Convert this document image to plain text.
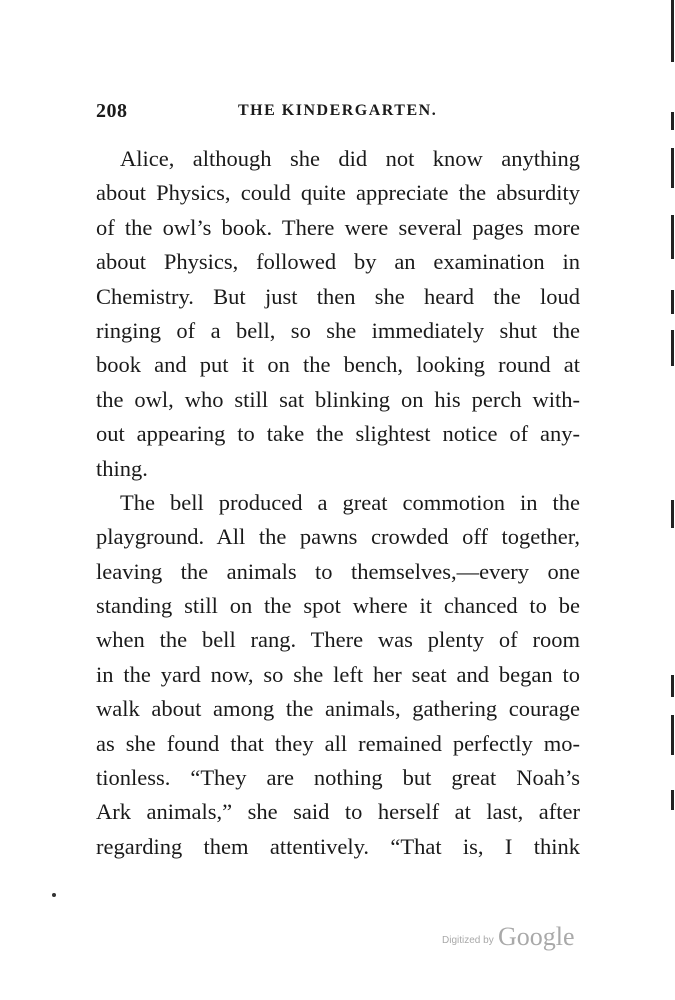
208	THE KINDERGARTEN.
Alice, although she did not know anything
about Physics, could quite appreciate the absurdity
of the owl’s book. There were several pages more
about Physics, followed by an examination in
Chemistry. But just then she heard the loud
ringing of a bell, so she immediately shut the
book and put it on the bench, looking round at
the owl, who still sat blinking on his perch with-
out appearing to take the slightest notice of any-
thing.
The bell produced a great commotion in the
playground. All the pawns crowded off together,
leaving the animals to themselves,—every one
standing still on the spot where it chanced to be
when the bell rang. There was plenty of room
in the yard now, so she left her seat and began to
walk about among the animals, gathering courage
as she found that they all remained perfectly mo-
tionless. “They are nothing but great Noah’s
Ark animals,” she said to herself at last, after
regarding them attentively. “That is, I think
Digitized by Google
